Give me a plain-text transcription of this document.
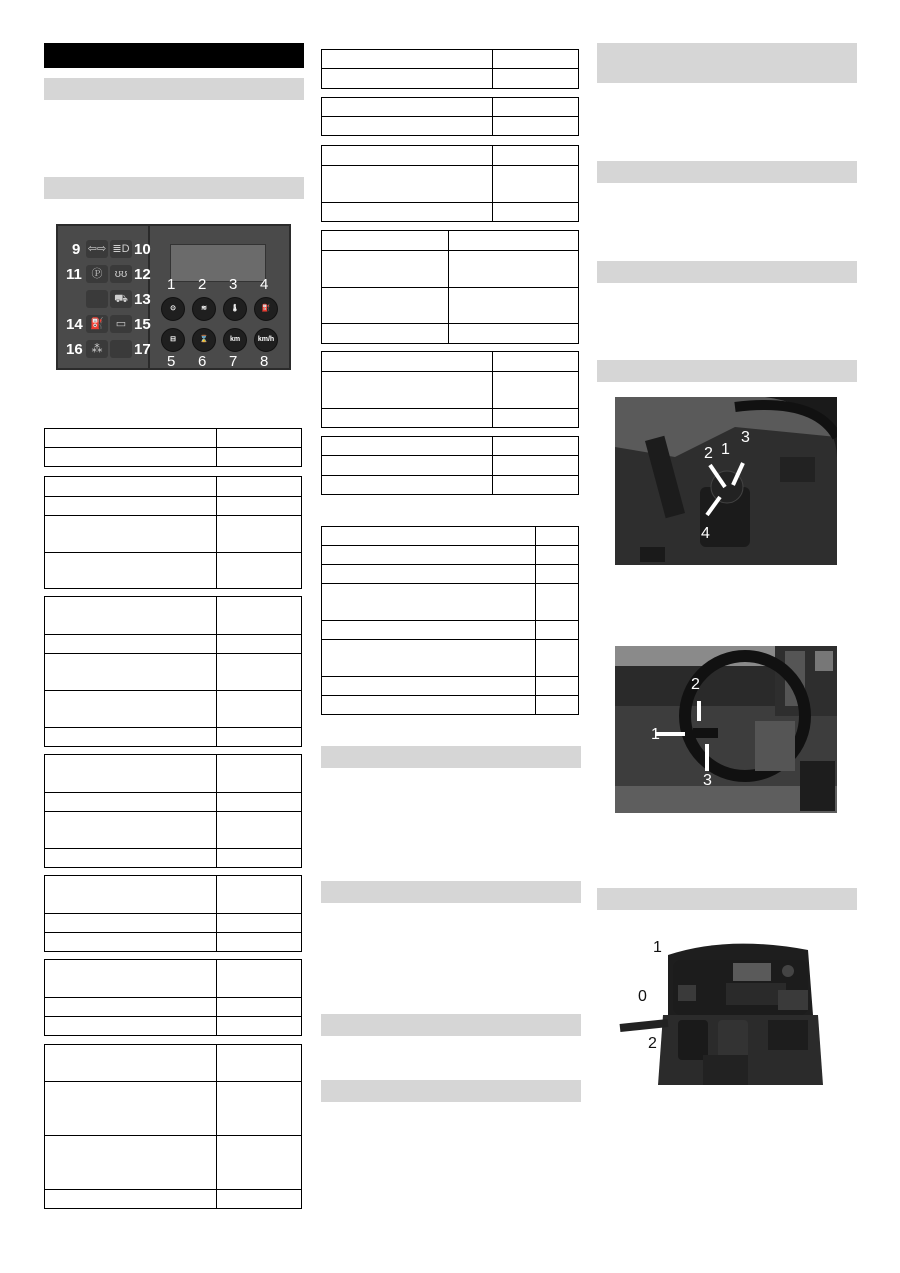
9
11
14
16
10
12
13
15
17
⇦⇨ ≣D
Ⓟ	ʊʊ
⛟
⛽	▭
⁂
1 2 3 4
⊙	≋	🌡	⛽
⊟	⌛	km	km/h
5 6 7 8

1
2
3
4
1
2
3
1
0
2
